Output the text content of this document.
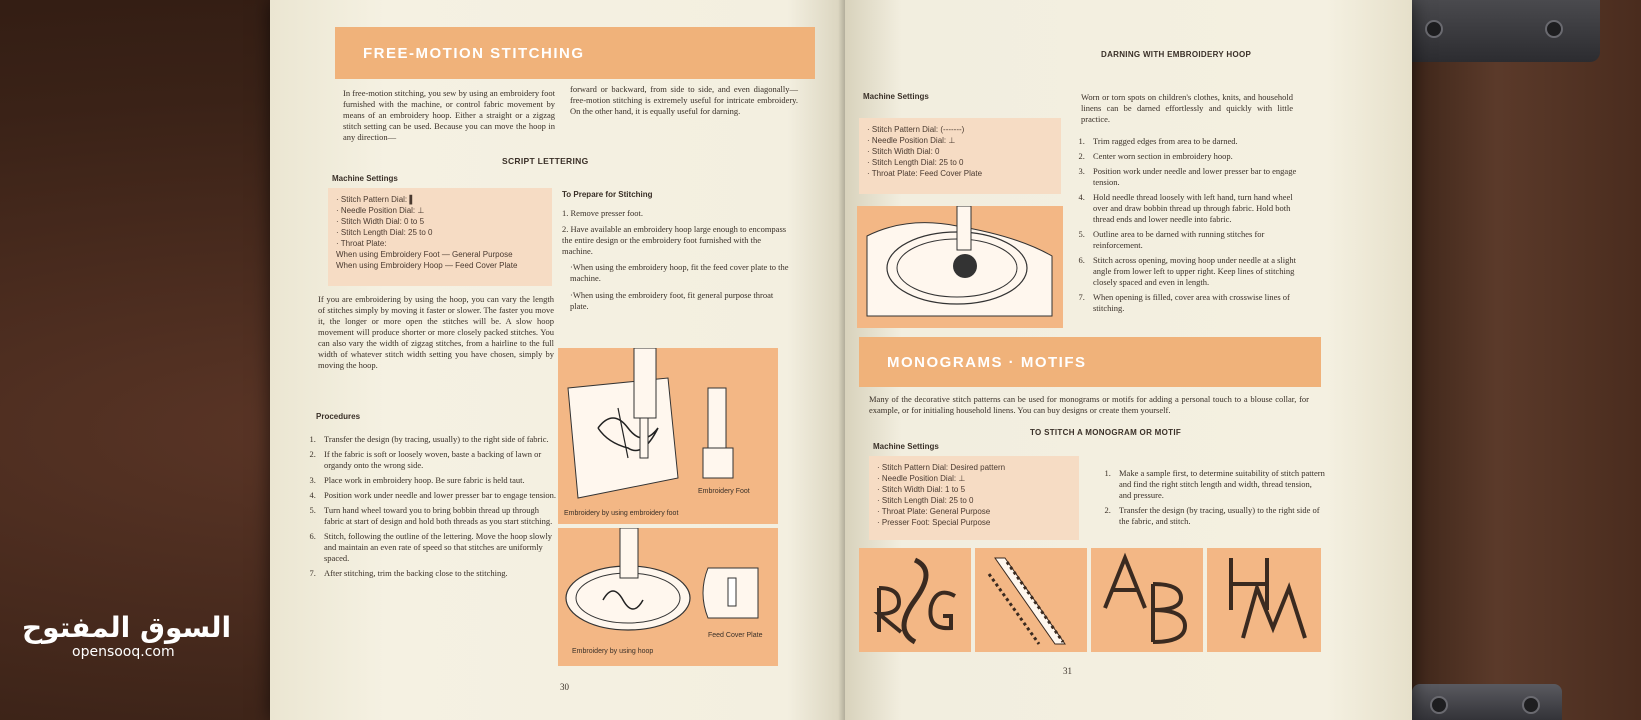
FREE-MOTION STITCHING
In free-motion stitching, you sew by using an embroidery foot furnished with the machine, or control fabric movement by means of an embroidery hoop. Either a straight or a zigzag stitch setting can be used. Because you can move the hoop in any direction—
forward or backward, from side to side, and even diagonally—free-motion stitching is extremely useful for intricate embroidery. On the other hand, it is equally useful for darning.
SCRIPT LETTERING
Machine Settings
· Stitch Pattern Dial: ▌
· Needle Position Dial: ⊥
· Stitch Width Dial: 0 to 5
· Stitch Length Dial: 25 to 0
· Throat Plate:
When using Embroidery Foot — General Purpose
When using Embroidery Hoop — Feed Cover Plate
To Prepare for Stitching
1. Remove presser foot.
2. Have available an embroidery hoop large enough to encompass the entire design or the embroidery foot furnished with the machine.
·When using the embroidery hoop, fit the feed cover plate to the machine.
·When using the embroidery foot, fit general purpose throat plate.
If you are embroidering by using the hoop, you can vary the length of stitches simply by moving it faster or slower. The faster you move it, the longer or more open the stitches will be. A slow hoop movement will produce shorter or more closely packed stitches. You can also vary the width of zigzag stitches, from a hairline to the full width of whatever stitch width setting you have chosen, simply by moving the hoop.
Procedures
1. Transfer the design (by tracing, usually) to the right side of fabric.
2. If the fabric is soft or loosely woven, baste a backing of lawn or organdy onto the wrong side.
3. Place work in embroidery hoop. Be sure fabric is held taut.
4. Position work under needle and lower presser bar to engage tension.
5. Turn hand wheel toward you to bring bobbin thread up through fabric at start of design and hold both threads as you start stitching.
6. Stitch, following the outline of the lettering. Move the hoop slowly and maintain an even rate of speed so that stitches are uniformly spaced.
7. After stitching, trim the backing close to the stitching.
Embroidery Foot
Embroidery by using embroidery foot
Feed Cover Plate
Embroidery by using hoop
30
DARNING WITH EMBROIDERY HOOP
Machine Settings
· Stitch Pattern Dial: (-------)
· Needle Position Dial: ⊥
· Stitch Width Dial: 0
· Stitch Length Dial: 25 to 0
· Throat Plate: Feed Cover Plate
Worn or torn spots on children's clothes, knits, and household linens can be darned effortlessly and quickly with little practice.
1. Trim ragged edges from area to be darned.
2. Center worn section in embroidery hoop.
3. Position work under needle and lower presser bar to engage tension.
4. Hold needle thread loosely with left hand, turn hand wheel over and draw bobbin thread up through fabric. Hold both thread ends and lower needle into fabric.
5. Outline area to be darned with running stitches for reinforcement.
6. Stitch across opening, moving hoop under needle at a slight angle from lower left to upper right. Keep lines of stitching closely spaced and even in length.
7. When opening is filled, cover area with crosswise lines of stitching.
MONOGRAMS · MOTIFS
Many of the decorative stitch patterns can be used for monograms or motifs for adding a personal touch to a blouse collar, for example, or for initialing household linens. You can buy designs or create them yourself.
TO STITCH A MONOGRAM OR MOTIF
Machine Settings
· Stitch Pattern Dial: Desired pattern
· Needle Position Dial: ⊥
· Stitch Width Dial: 1 to 5
· Stitch Length Dial: 25 to 0
· Throat Plate: General Purpose
· Presser Foot: Special Purpose
1. Make a sample first, to determine suitability of stitch pattern and find the right stitch length and width, thread tension, and pressure.
2. Transfer the design (by tracing, usually) to the right side of the fabric, and stitch.
31
السوق المفتوح
opensooq.com
